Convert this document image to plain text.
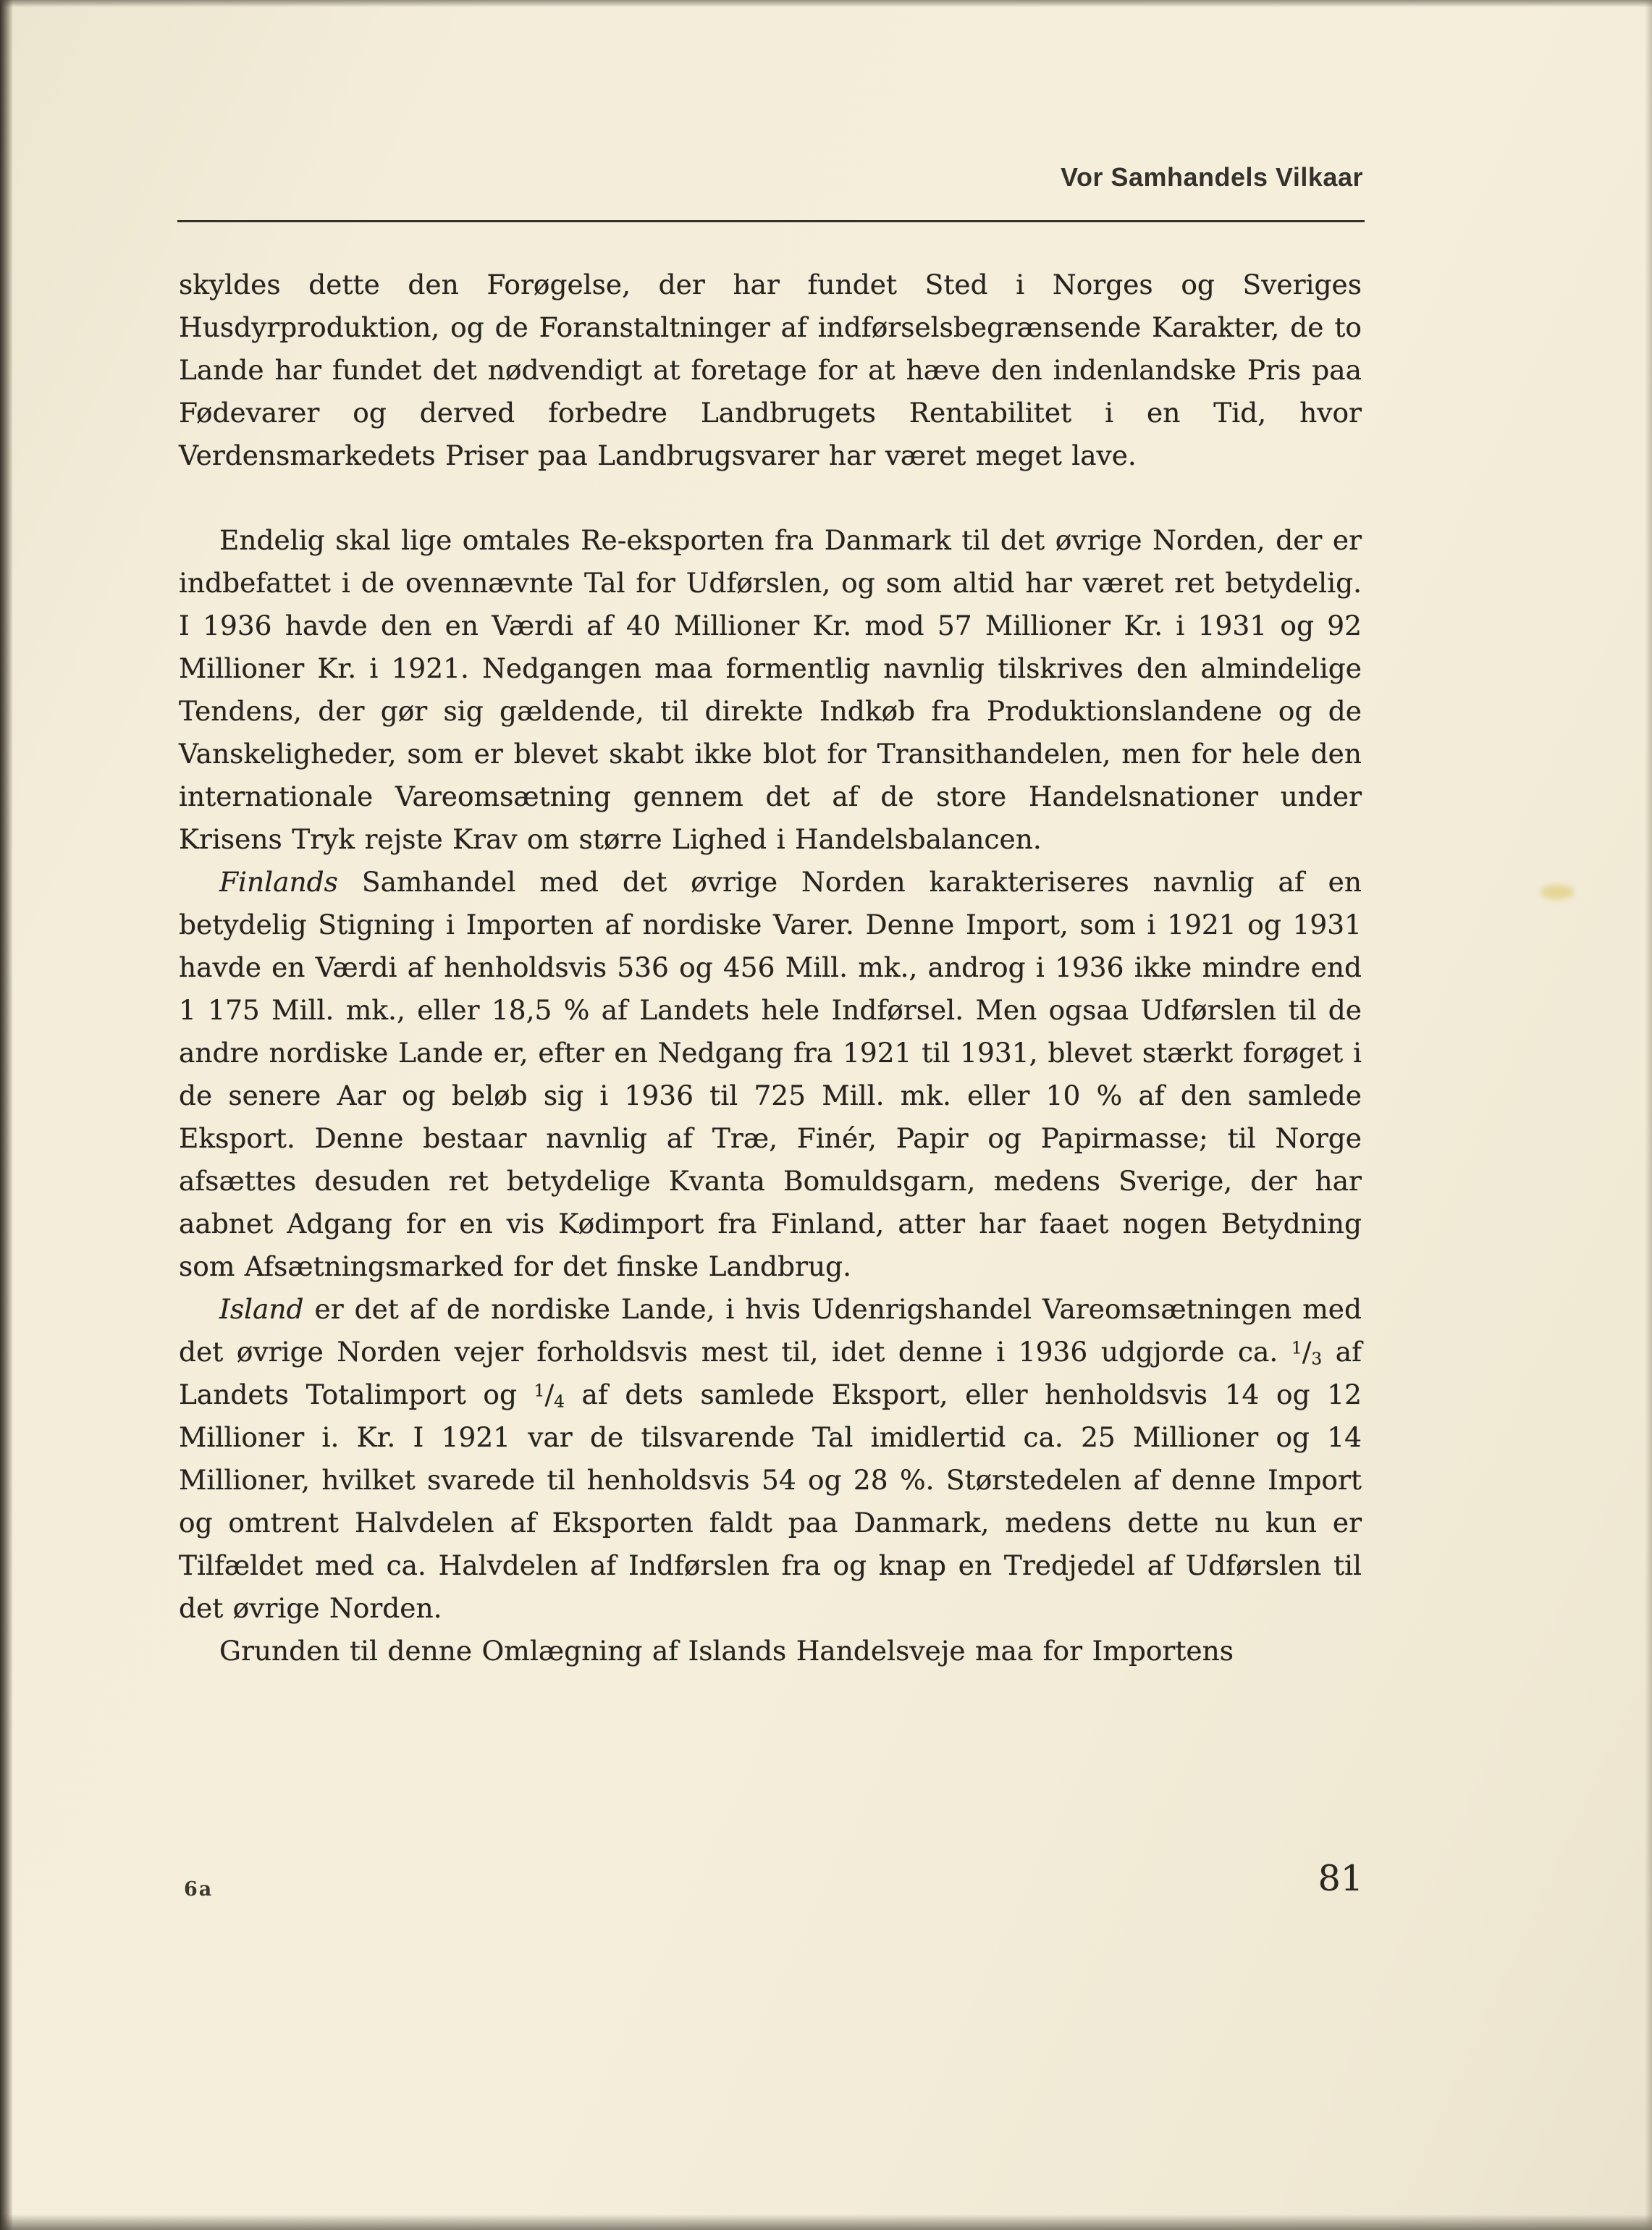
Vor Samhandels Vilkaar

skyldes dette den Forøgelse, der har fundet Sted i Norges og Sveriges Husdyrproduktion, og de Foranstaltninger af indførselsbegrænsende Karakter, de to Lande har fundet det nødvendigt at foretage for at hæve den indenlandske Pris paa Fødevarer og derved forbedre Landbrugets Rentabilitet i en Tid, hvor Verdensmarkedets Priser paa Landbrugsvarer har været meget lave.

Endelig skal lige omtales Re-eksporten fra Danmark til det øvrige Norden, der er indbefattet i de ovennævnte Tal for Udførslen, og som altid har været ret betydelig. I 1936 havde den en Værdi af 40 Millioner Kr. mod 57 Millioner Kr. i 1931 og 92 Millioner Kr. i 1921. Nedgangen maa formentlig navnlig tilskrives den almindelige Tendens, der gør sig gældende, til direkte Indkøb fra Produktionslandene og de Vanskeligheder, som er blevet skabt ikke blot for Transithandelen, men for hele den internationale Vareomsætning gennem det af de store Handelsnationer under Krisens Tryk rejste Krav om større Lighed i Handelsbalancen.

Finlands Samhandel med det øvrige Norden karakteriseres navnlig af en betydelig Stigning i Importen af nordiske Varer. Denne Import, som i 1921 og 1931 havde en Værdi af henholdsvis 536 og 456 Mill. mk., androg i 1936 ikke mindre end 1 175 Mill. mk., eller 18,5 % af Landets hele Indførsel. Men ogsaa Udførslen til de andre nordiske Lande er, efter en Nedgang fra 1921 til 1931, blevet stærkt forøget i de senere Aar og beløb sig i 1936 til 725 Mill. mk. eller 10 % af den samlede Eksport. Denne bestaar navnlig af Træ, Finér, Papir og Papirmasse; til Norge afsættes desuden ret betydelige Kvanta Bomuldsgarn, medens Sverige, der har aabnet Adgang for en vis Kødimport fra Finland, atter har faaet nogen Betydning som Afsætningsmarked for det finske Landbrug.

Island er det af de nordiske Lande, i hvis Udenrigshandel Vareomsætningen med det øvrige Norden vejer forholdsvis mest til, idet denne i 1936 udgjorde ca. $^1/_3$ af Landets Totalimport og $^1/_4$ af dets samlede Eksport, eller henholdsvis 14 og 12 Millioner i. Kr. I 1921 var de tilsvarende Tal imidlertid ca. 25 Millioner og 14 Millioner, hvilket svarede til henholdsvis 54 og 28 %. Størstedelen af denne Import og omtrent Halvdelen af Eksporten faldt paa Danmark, medens dette nu kun er Tilfældet med ca. Halvdelen af Indførslen fra og knap en Tredjedel af Udførslen til det øvrige Norden.

Grunden til denne Omlægning af Islands Handelsveje maa for Importens

6a	81
